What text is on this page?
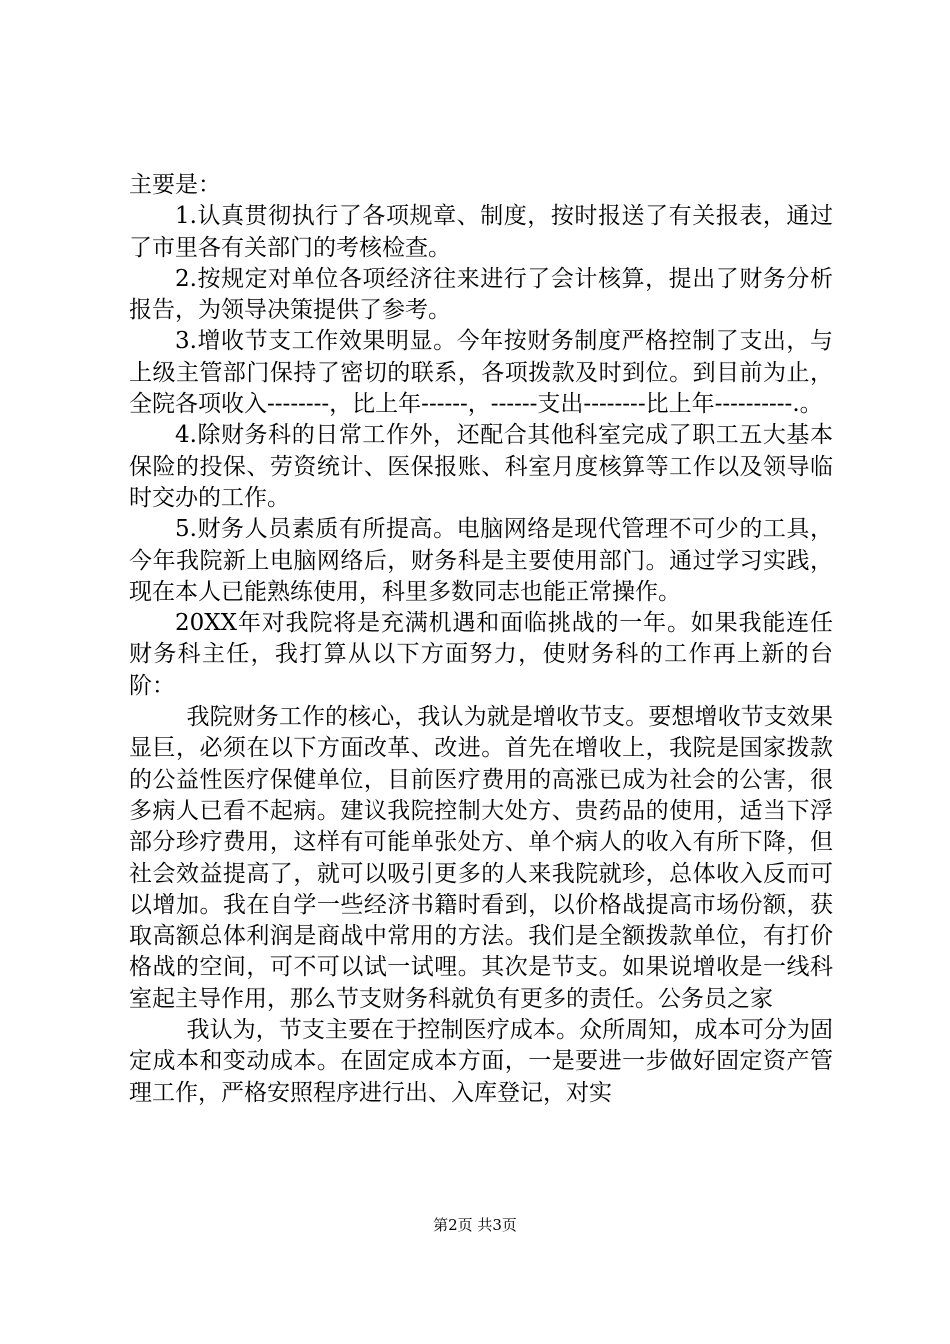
主要是：

1.认真贯彻执行了各项规章、制度，按时报送了有关报表，通过了市里各有关部门的考核检查。

2.按规定对单位各项经济往来进行了会计核算，提出了财务分析报告，为领导决策提供了参考。

3.增收节支工作效果明显。今年按财务制度严格控制了支出，与上级主管部门保持了密切的联系，各项拨款及时到位。到目前为止，全院各项收入--------，比上年------，------支出--------比上年----------.。

4.除财务科的日常工作外，还配合其他科室完成了职工五大基本保险的投保、劳资统计、医保报账、科室月度核算等工作以及领导临时交办的工作。

5.财务人员素质有所提高。电脑网络是现代管理不可少的工具，今年我院新上电脑网络后，财务科是主要使用部门。通过学习实践，现在本人已能熟练使用，科里多数同志也能正常操作。

20XX年对我院将是充满机遇和面临挑战的一年。如果我能连任财务科主任，我打算从以下方面努力，使财务科的工作再上新的台阶：

我院财务工作的核心，我认为就是增收节支。要想增收节支效果显巨，必须在以下方面改革、改进。首先在增收上，我院是国家拨款的公益性医疗保健单位，目前医疗费用的高涨已成为社会的公害，很多病人已看不起病。建议我院控制大处方、贵药品的使用，适当下浮部分珍疗费用，这样有可能单张处方、单个病人的收入有所下降，但社会效益提高了，就可以吸引更多的人来我院就珍，总体收入反而可以增加。我在自学一些经济书籍时看到，以价格战提高市场份额，获取高额总体利润是商战中常用的方法。我们是全额拨款单位，有打价格战的空间，可不可以试一试哩。其次是节支。如果说增收是一线科室起主导作用，那么节支财务科就负有更多的责任。公务员之家

我认为，节支主要在于控制医疗成本。众所周知，成本可分为固定成本和变动成本。在固定成本方面，一是要进一步做好固定资产管理工作，严格安照程序进行出、入库登记，对实

第2页 共3页
